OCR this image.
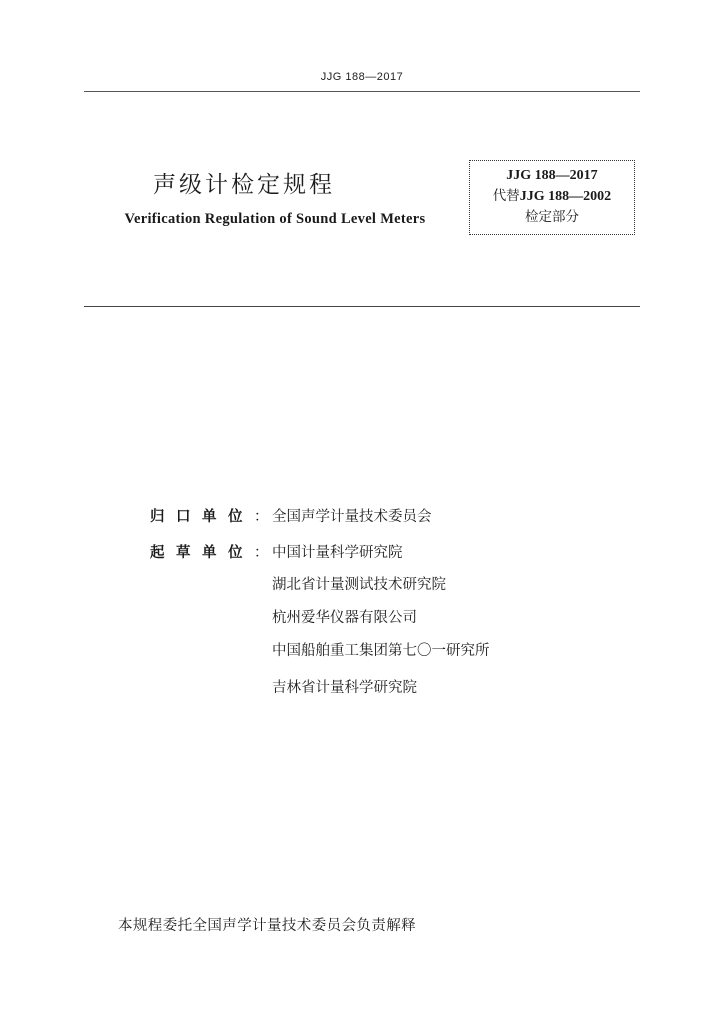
JJG 188—2017
声级计检定规程
Verification Regulation of Sound Level Meters
JJG 188—2017
代替JJG 188—2002
检定部分
归 口 单 位 ： 全国声学计量技术委员会
起 草 单 位 ： 中国计量科学研究院
湖北省计量测试技术研究院
杭州爱华仪器有限公司
中国船舶重工集团第七〇一研究所
吉林省计量科学研究院
本规程委托全国声学计量技术委员会负责解释
